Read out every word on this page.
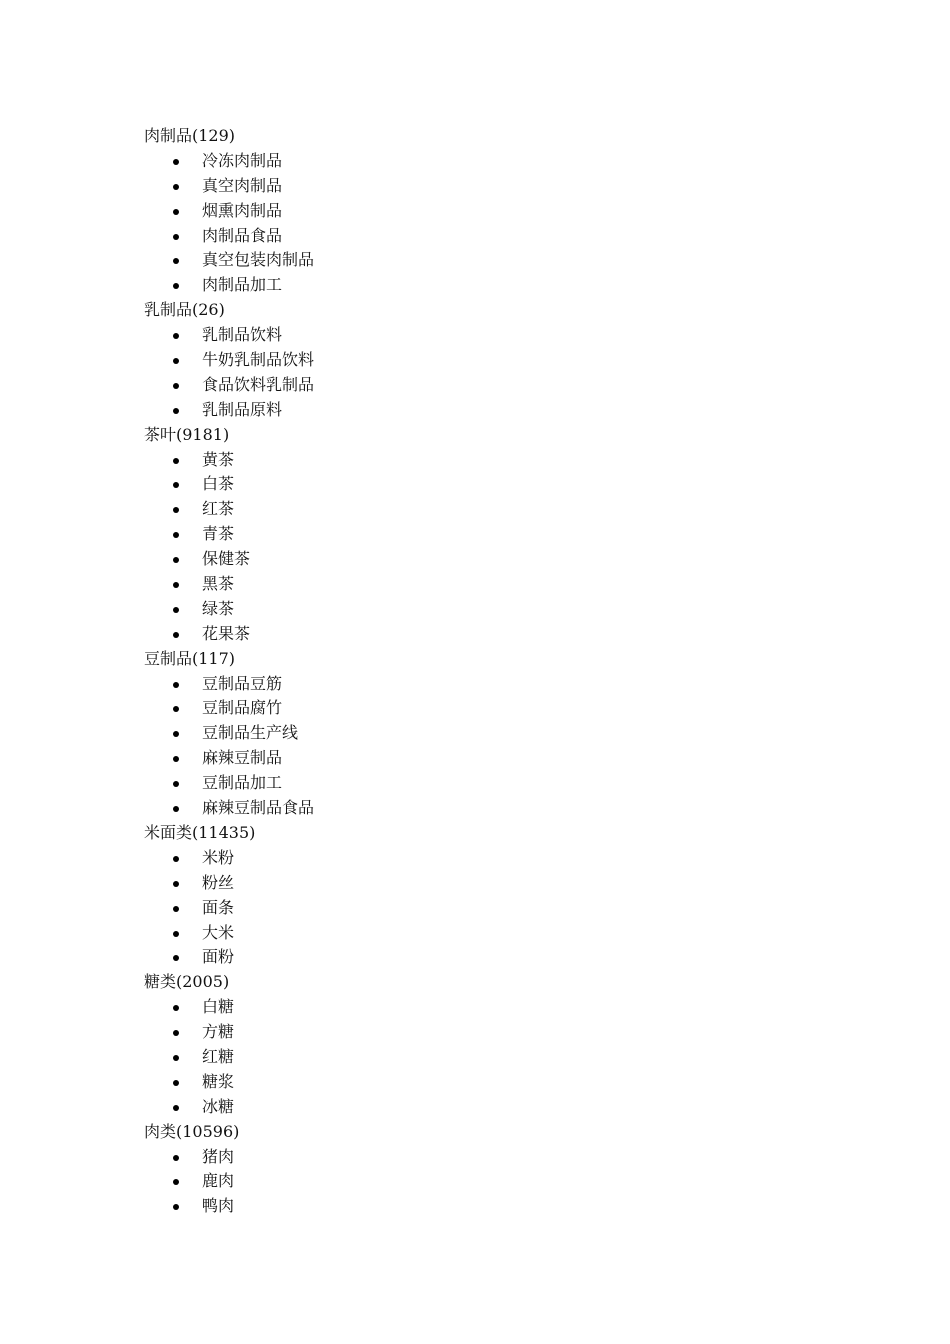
肉制品(129)
冷冻肉制品
真空肉制品
烟熏肉制品
肉制品食品
真空包装肉制品
肉制品加工
乳制品(26)
乳制品饮料
牛奶乳制品饮料
食品饮料乳制品
乳制品原料
茶叶(9181)
黄茶
白茶
红茶
青茶
保健茶
黑茶
绿茶
花果茶
豆制品(117)
豆制品豆筋
豆制品腐竹
豆制品生产线
麻辣豆制品
豆制品加工
麻辣豆制品食品
米面类(11435)
米粉
粉丝
面条
大米
面粉
糖类(2005)
白糖
方糖
红糖
糖浆
冰糖
肉类(10596)
猪肉
鹿肉
鸭肉
